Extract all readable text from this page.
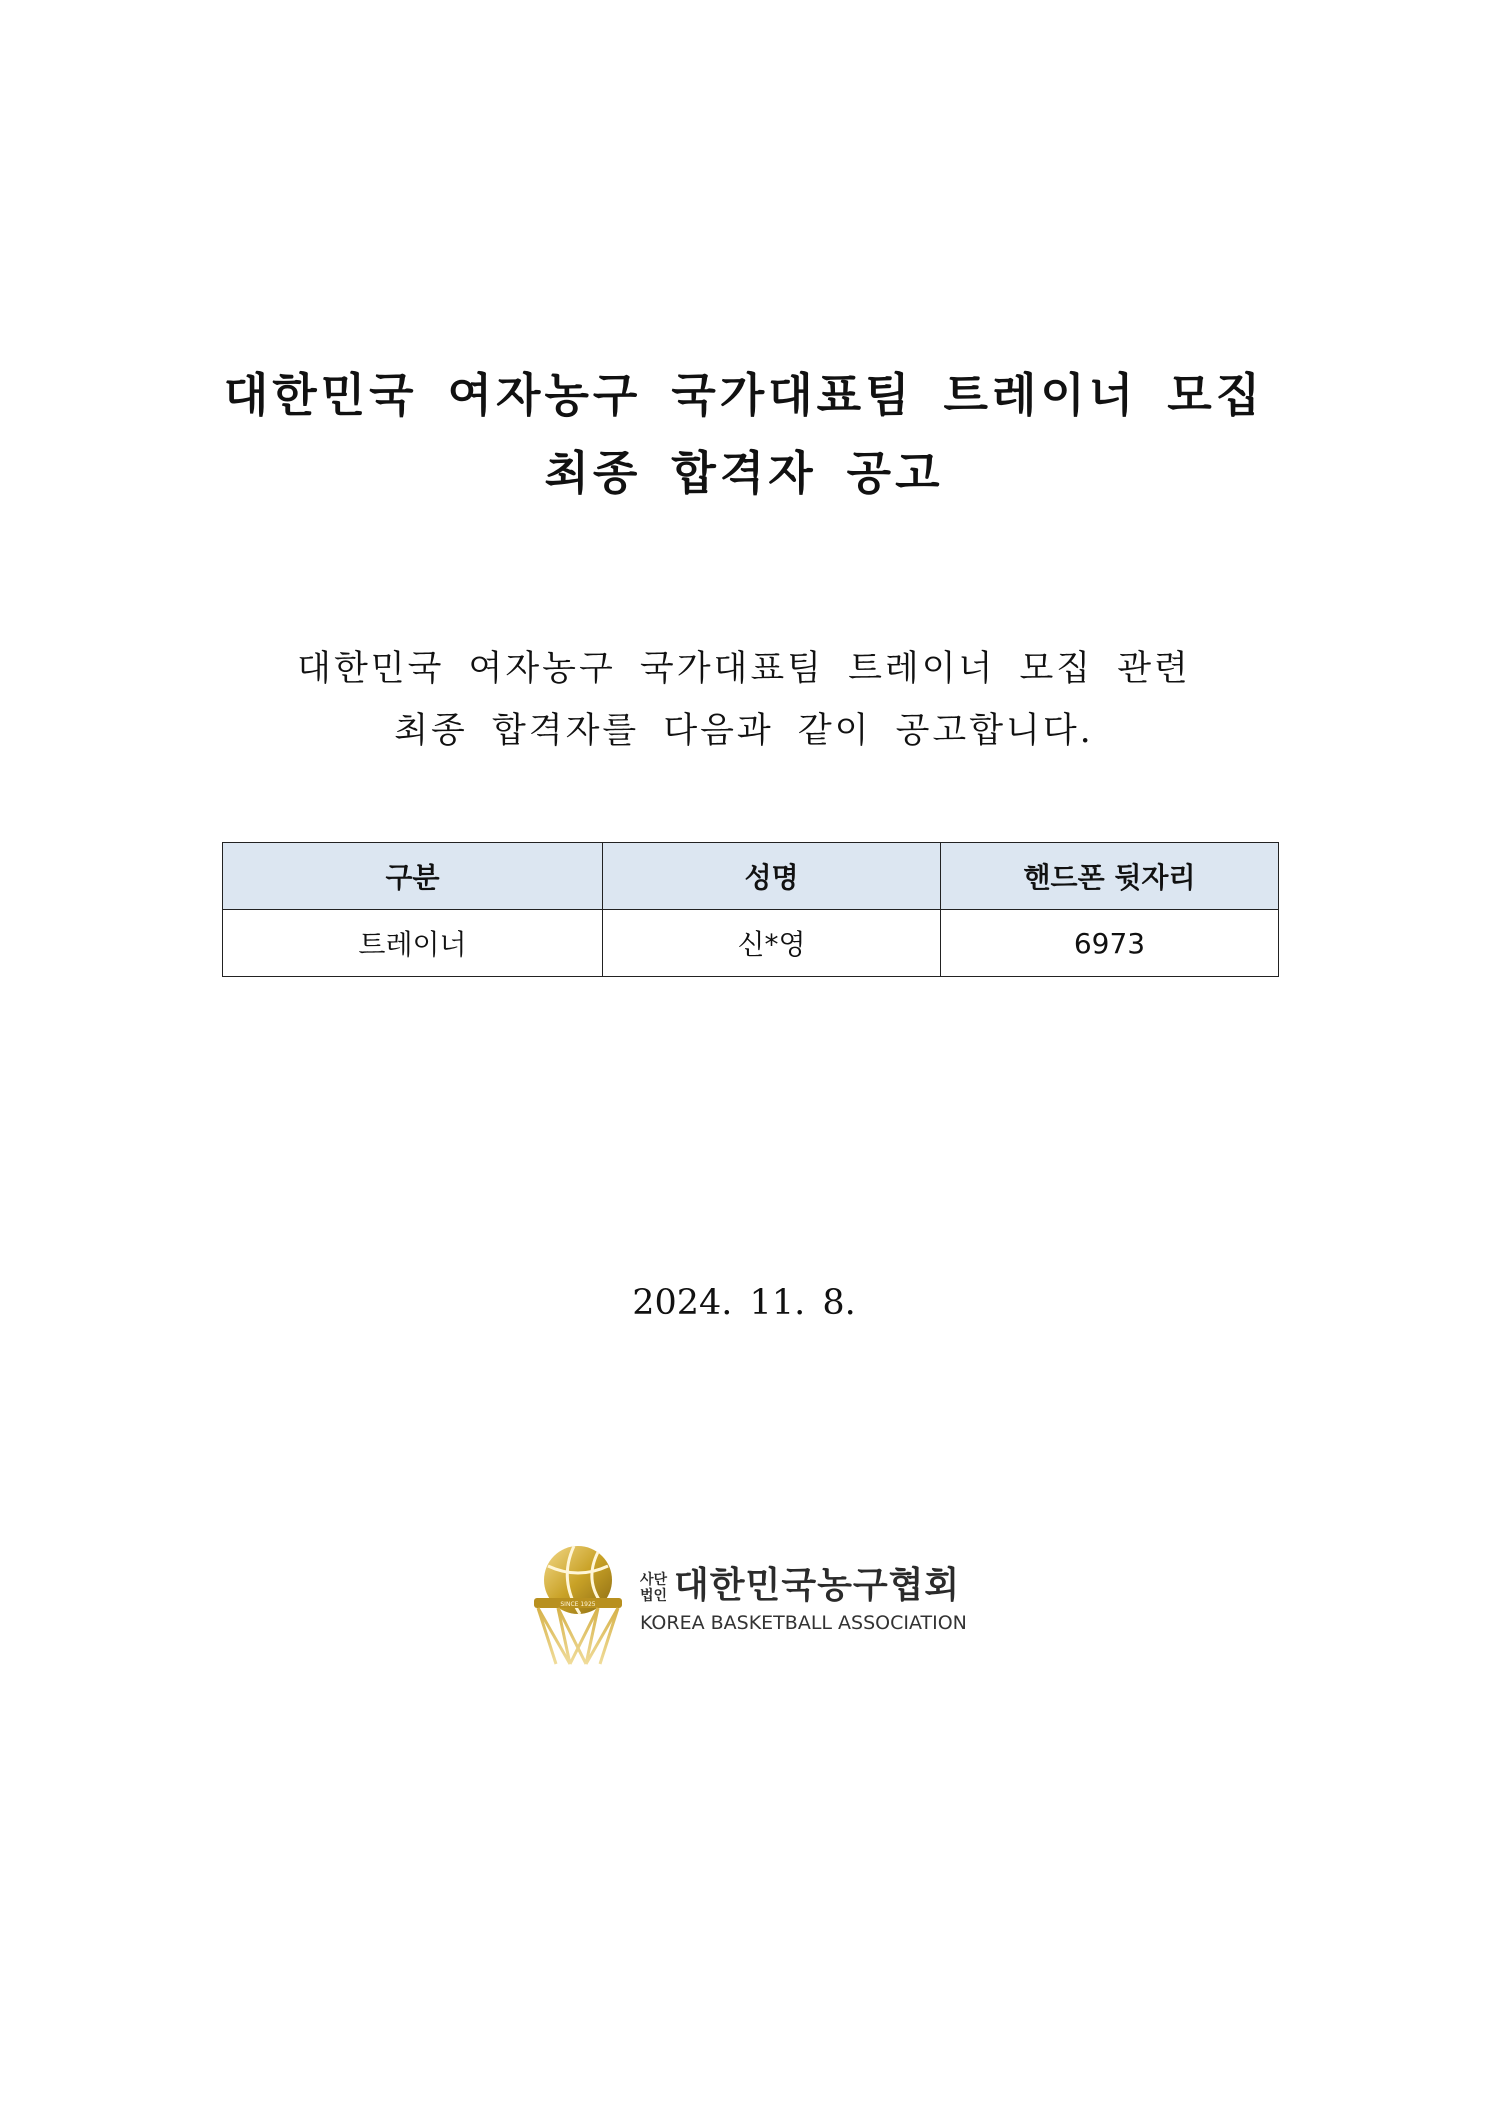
대한민국 여자농구 국가대표팀 트레이너 모집
최종 합격자 공고
대한민국 여자농구 국가대표팀 트레이너 모집 관련
최종 합격자를 다음과 같이 공고합니다.
구분	성명	핸드폰 뒷자리
트레이너	신*영	6973
2024. 11. 8.
SINCE 1925
사단
법인 대한민국농구협회
KOREA BASKETBALL ASSOCIATION
